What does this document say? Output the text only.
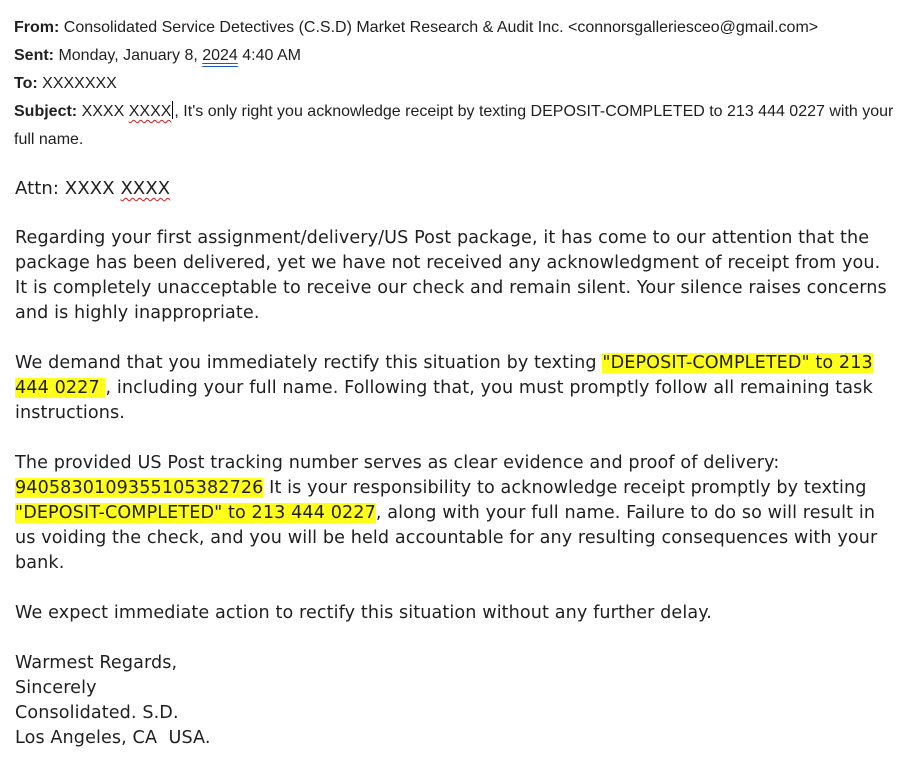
From: Consolidated Service Detectives (C.S.D) Market Research & Audit Inc. <connorsgalleriesceo@gmail.com>
Sent: Monday, January 8, 2024 4:40 AM
To: XXXXXXX
Subject: XXXX XXXX , It's only right you acknowledge receipt by texting DEPOSIT-COMPLETED to 213 444 0227 with your full name.

Attn: XXXX XXXX

Regarding your first assignment/delivery/US Post package, it has come to our attention that the package has been delivered, yet we have not received any acknowledgment of receipt from you. It is completely unacceptable to receive our check and remain silent. Your silence raises concerns and is highly inappropriate.

We demand that you immediately rectify this situation by texting "DEPOSIT-COMPLETED" to 213 444 0227 , including your full name. Following that, you must promptly follow all remaining task instructions.

The provided US Post tracking number serves as clear evidence and proof of delivery: 9405830109355105382726 It is your responsibility to acknowledge receipt promptly by texting "DEPOSIT-COMPLETED" to 213 444 0227, along with your full name. Failure to do so will result in us voiding the check, and you will be held accountable for any resulting consequences with your bank.

We expect immediate action to rectify this situation without any further delay.

Warmest Regards,

Sincerely

Consolidated. S.D.

Los Angeles, CA  USA.
